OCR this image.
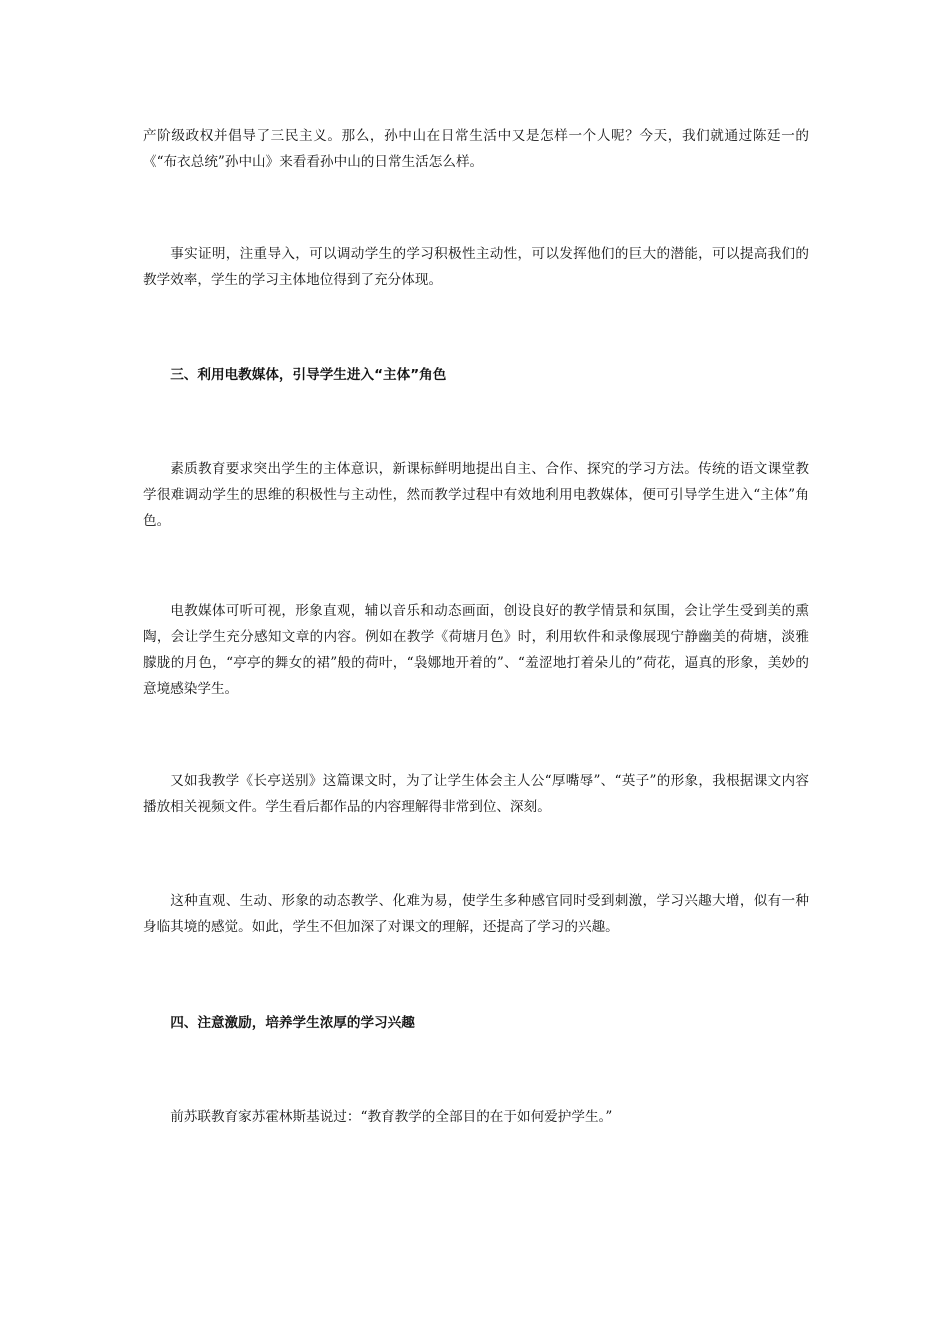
产阶级政权并倡导了三民主义。那么，孙中山在日常生活中又是怎样一个人呢？今天，我们就通过陈廷一的《“布衣总统”孙中山》来看看孙中山的日常生活怎么样。

事实证明，注重导入，可以调动学生的学习积极性主动性，可以发挥他们的巨大的潜能，可以提高我们的教学效率，学生的学习主体地位得到了充分体现。

三、利用电教媒体，引导学生进入“主体”角色

素质教育要求突出学生的主体意识，新课标鲜明地提出自主、合作、探究的学习方法。传统的语文课堂教学很难调动学生的思维的积极性与主动性，然而教学过程中有效地利用电教媒体，便可引导学生进入“主体”角色。

电教媒体可听可视，形象直观，辅以音乐和动态画面，创设良好的教学情景和氛围，会让学生受到美的熏陶，会让学生充分感知文章的内容。例如在教学《荷塘月色》时，利用软件和录像展现宁静幽美的荷塘，淡雅朦胧的月色，“亭亭的舞女的裙”般的荷叶，“袅娜地开着的”、“羞涩地打着朵儿的”荷花，逼真的形象，美妙的意境感染学生。

又如我教学《长亭送别》这篇课文时，为了让学生体会主人公“厚嘴辱”、“英子”的形象，我根据课文内容播放相关视频文件。学生看后都作品的内容理解得非常到位、深刻。

这种直观、生动、形象的动态教学、化难为易，使学生多种感官同时受到刺激，学习兴趣大增，似有一种身临其境的感觉。如此，学生不但加深了对课文的理解，还提高了学习的兴趣。

四、注意激励，培养学生浓厚的学习兴趣

前苏联教育家苏霍林斯基说过：“教育教学的全部目的在于如何爱护学生。”
